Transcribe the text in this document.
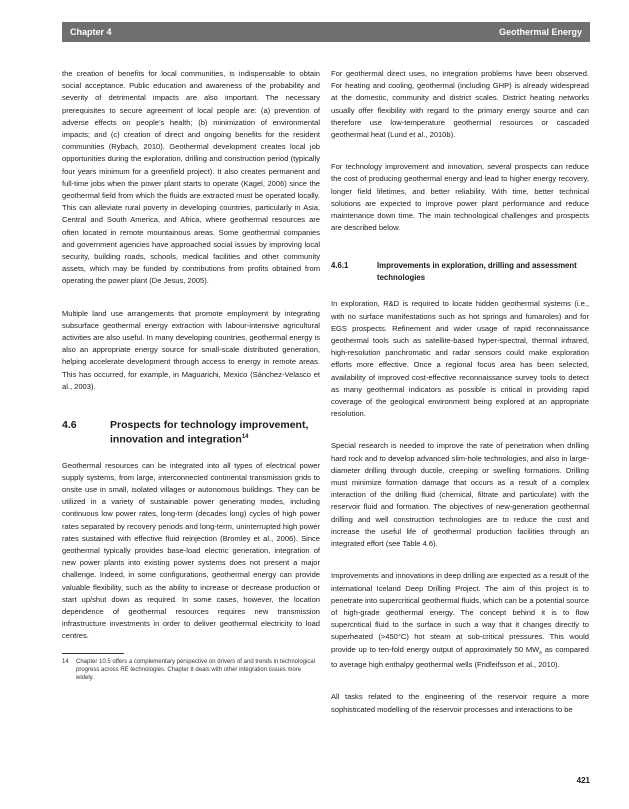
Chapter 4	Geothermal Energy

the creation of benefits for local communities, is indispensable to obtain social acceptance. Public education and awareness of the probability and severity of detrimental impacts are also important. The necessary prerequisites to secure agreement of local people are: (a) prevention of adverse effects on people’s health; (b) minimization of environmental impacts; and (c) creation of direct and ongoing benefits for the resident communities (Rybach, 2010). Geothermal development creates local job opportunities during the exploration, drilling and construction period (typically four years minimum for a greenfield project). It also creates permanent and full-time jobs when the power plant starts to operate (Kagel, 2006) since the geothermal field from which the fluids are extracted must be operated locally. This can alleviate rural poverty in developing countries, particularly in Asia, Central and South America, and Africa, where geothermal resources are often located in remote mountainous areas. Some geothermal companies and government agencies have approached social issues by improving local security, building roads, schools, medical facilities and other community assets, which may be funded by contributions from profits obtained from operating the power plant (De Jesus, 2005).

Multiple land use arrangements that promote employment by integrating subsurface geothermal energy extraction with labour-intensive agricultural activities are also useful. In many developing countries, geothermal energy is also an appropriate energy source for small-scale distributed generation, helping accelerate development through access to energy in remote areas. This has occurred, for example, in Maguarichi, Mexico (Sánchez-Velasco et al., 2003).

4.6	Prospects for technology improvement, innovation and integration$^{14}$

Geothermal resources can be integrated into all types of electrical power supply systems, from large, interconnected continental transmission grids to onsite use in small, isolated villages or autonomous buildings. They can be utilized in a variety of sustainable power generating modes, including continuous low power rates, long-term (decades long) cycles of high power rates separated by recovery periods and long-term, uninterrupted high power rates sustained with effective fluid reinjection (Bromley et al., 2006). Since geothermal typically provides base-load electric generation, integration of new power plants into existing power systems does not present a major challenge. Indeed, in some configurations, geothermal energy can provide valuable flexibility, such as the ability to increase or decrease production or start up/shut down as required. In some cases, however, the location dependence of geothermal resources requires new transmission infrastructure investments in order to deliver geothermal electricity to load centres.

14	Chapter 10.5 offers a complementary perspective on drivers of and trends in technological progress across RE technologies. Chapter 8 deals with other integration issues more widely.

For geothermal direct uses, no integration problems have been observed. For heating and cooling, geothermal (including GHP) is already widespread at the domestic, community and district scales. District heating networks usually offer flexibility with regard to the primary energy source and can therefore use low-temperature geothermal resources or cascaded geothermal heat (Lund et al., 2010b).

For technology improvement and innovation, several prospects can reduce the cost of producing geothermal energy and lead to higher energy recovery, longer field lifetimes, and better reliability. With time, better technical solutions are expected to improve power plant performance and reduce maintenance down time. The main technological challenges and prospects are described below.

4.6.1	Improvements in exploration, drilling and assessment technologies

In exploration, R&D is required to locate hidden geothermal systems (i.e., with no surface manifestations such as hot springs and fumaroles) and for EGS prospects. Refinement and wider usage of rapid reconnaissance geothermal tools such as satellite-based hyper-spectral, thermal infrared, high-resolution panchromatic and radar sensors could make exploration efforts more effective. Once a regional focus area has been selected, availability of improved cost-effective reconnaissance survey tools to detect as many geothermal indicators as possible is critical in providing rapid coverage of the geological environment being explored at an appropriate resolution.

Special research is needed to improve the rate of penetration when drilling hard rock and to develop advanced slim-hole technologies, and also in large-diameter drilling through ductile, creeping or swelling formations. Drilling must minimize formation damage that occurs as a result of a complex interaction of the drilling fluid (chemical, filtrate and particulate) with the reservoir fluid and formation. The objectives of new-generation geothermal drilling and well construction technologies are to reduce the cost and increase the useful life of geothermal production facilities through an integrated effort (see Table 4.6).

Improvements and innovations in deep drilling are expected as a result of the international Iceland Deep Drilling Project. The aim of this project is to penetrate into supercritical geothermal fluids, which can be a potential source of high-grade geothermal energy. The concept behind it is to flow supercritical fluid to the surface in such a way that it changes directly to superheated (>450°C) hot steam at sub-critical pressures. This would provide up to ten-fold energy output of approximately 50 $MW_e$ as compared to average high enthalpy geothermal wells (Fridleifsson et al., 2010).

All tasks related to the engineering of the reservoir require a more sophisticated modelling of the reservoir processes and interactions to be

421
